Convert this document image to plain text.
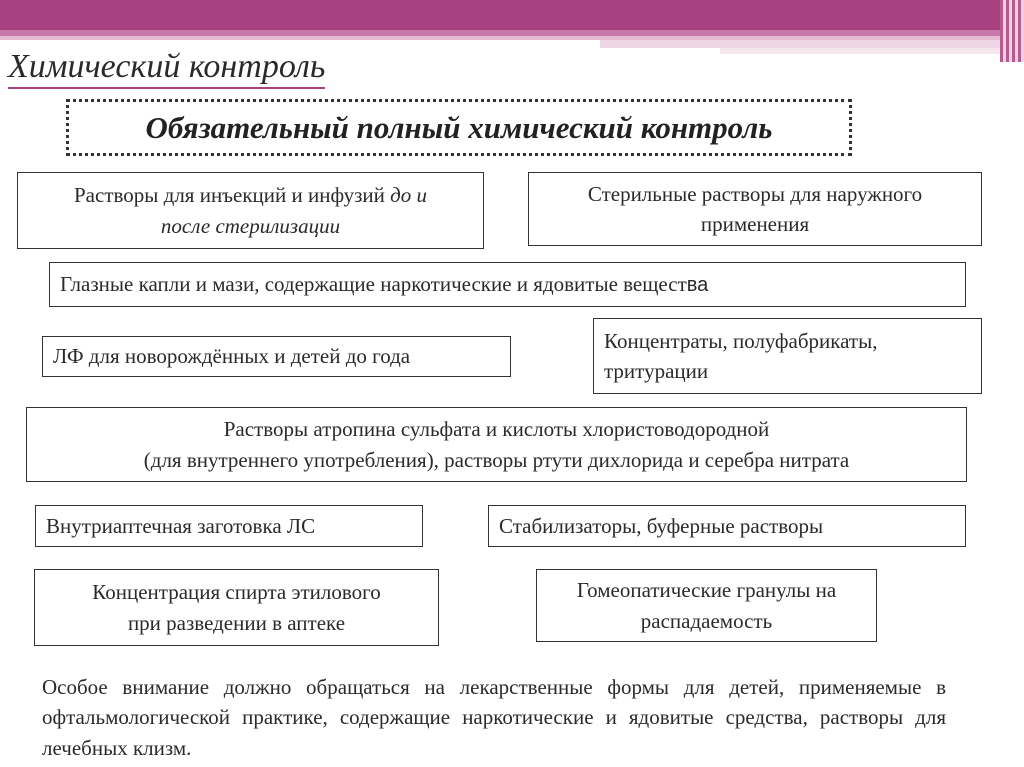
Химический контроль
Обязательный полный химический контроль
Растворы для инъекций и инфузий до и
после стерилизации
Стерильные растворы для наружного
применения
Глазные капли и мази, содержащие наркотические и ядовитые вещества
ЛФ для новорождённых и детей до года
Концентраты, полуфабрикаты,
тритурации
Растворы атропина сульфата и кислоты хлористоводородной
(для внутреннего употребления), растворы ртути дихлорида и серебра нитрата
Внутриаптечная заготовка ЛС	Стабилизаторы, буферные растворы
Концентрация спирта этилового
при разведении в аптеке
Гомеопатические гранулы на
распадаемость
Особое внимание должно обращаться на лекарственные формы для детей, применяемые в офтальмологической практике, содержащие наркотические и ядовитые средства, растворы для лечебных клизм.
